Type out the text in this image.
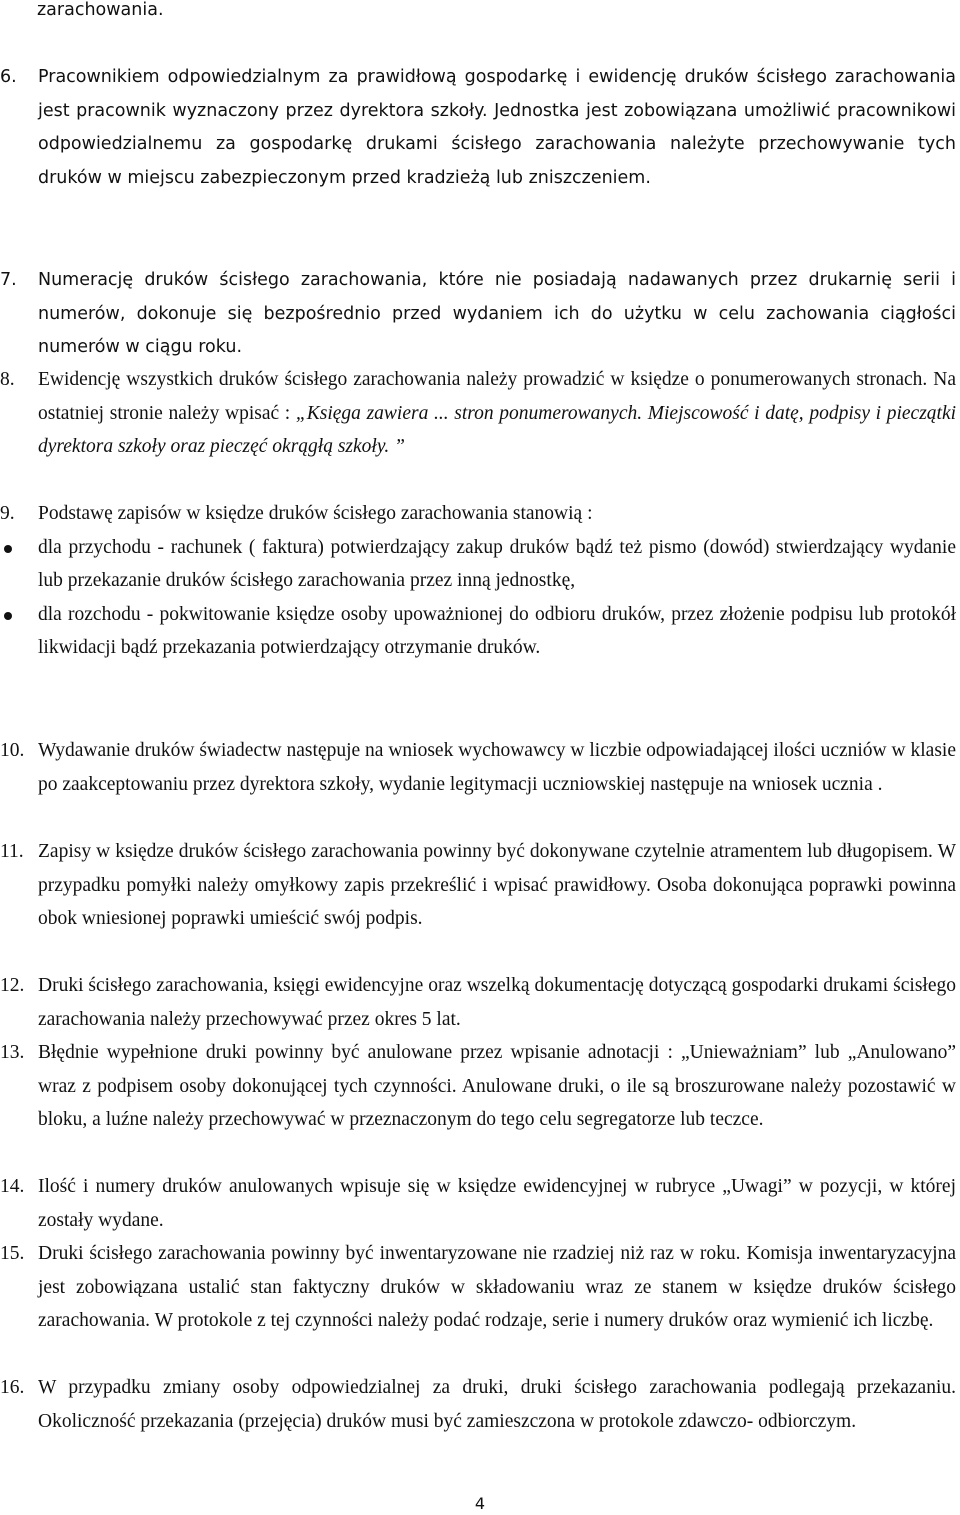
zarachowania.
6.	Pracownikiem odpowiedzialnym za prawidłową gospodarkę i ewidencję druków ścisłego zarachowania jest pracownik wyznaczony przez dyrektora szkoły. Jednostka jest zobowiązana umożliwić pracownikowi odpowiedzialnemu za gospodarkę drukami ścisłego zarachowania należyte przechowywanie tych druków w miejscu zabezpieczonym przed kradzieżą lub zniszczeniem.
7.	Numerację druków ścisłego zarachowania, które nie posiadają nadawanych przez drukarnię serii i numerów, dokonuje się bezpośrednio przed wydaniem ich do użytku w celu zachowania ciągłości numerów w ciągu roku.
8.	Ewidencję wszystkich druków ścisłego zarachowania należy prowadzić w księdze o ponumerowanych stronach. Na ostatniej stronie należy wpisać : „Księga zawiera ... stron ponumerowanych. Miejscowość i datę, podpisy i pieczątki dyrektora szkoły oraz pieczęć okrągłą szkoły. ”
9.	Podstawę zapisów w księdze druków ścisłego zarachowania stanowią :
dla przychodu - rachunek ( faktura) potwierdzający zakup druków bądź też pismo (dowód) stwierdzający wydanie lub przekazanie druków ścisłego zarachowania przez inną jednostkę,
dla rozchodu - pokwitowanie księdze osoby upoważnionej do odbioru druków, przez złożenie podpisu lub protokół likwidacji bądź przekazania potwierdzający otrzymanie druków.
10. Wydawanie druków świadectw następuje na wniosek wychowawcy w liczbie odpowiadającej ilości uczniów w klasie po zaakceptowaniu przez dyrektora szkoły, wydanie legitymacji uczniowskiej następuje na wniosek ucznia .
11. Zapisy w księdze druków ścisłego zarachowania powinny być dokonywane czytelnie atramentem lub długopisem. W przypadku pomyłki należy omyłkowy zapis przekreślić i wpisać prawidłowy. Osoba dokonująca poprawki powinna obok wniesionej poprawki umieścić swój podpis.
12. Druki ścisłego zarachowania, księgi ewidencyjne oraz wszelką dokumentację dotyczącą gospodarki drukami ścisłego zarachowania należy przechowywać przez okres 5 lat.
13. Błędnie wypełnione druki powinny być anulowane przez wpisanie adnotacji : „Unieważniam” lub „Anulowano” wraz z podpisem osoby dokonującej tych czynności. Anulowane druki, o ile są broszurowane należy pozostawić w bloku, a luźne należy przechowywać w przeznaczonym do tego celu segregatorze lub teczce.
14. Ilość i numery druków anulowanych wpisuje się w księdze ewidencyjnej w rubryce „Uwagi” w pozycji, w której zostały wydane.
15. Druki ścisłego zarachowania powinny być inwentaryzowane nie rzadziej niż raz w roku. Komisja inwentaryzacyjna jest zobowiązana ustalić stan faktyczny druków w składowaniu wraz ze stanem w księdze druków ścisłego zarachowania. W protokole z tej czynności należy podać rodzaje, serie i numery druków oraz wymienić ich liczbę.
16. W przypadku zmiany osoby odpowiedzialnej za druki, druki ścisłego zarachowania podlegają przekazaniu. Okoliczność przekazania (przejęcia) druków musi być zamieszczona w protokole zdawczo- odbiorczym.
4
